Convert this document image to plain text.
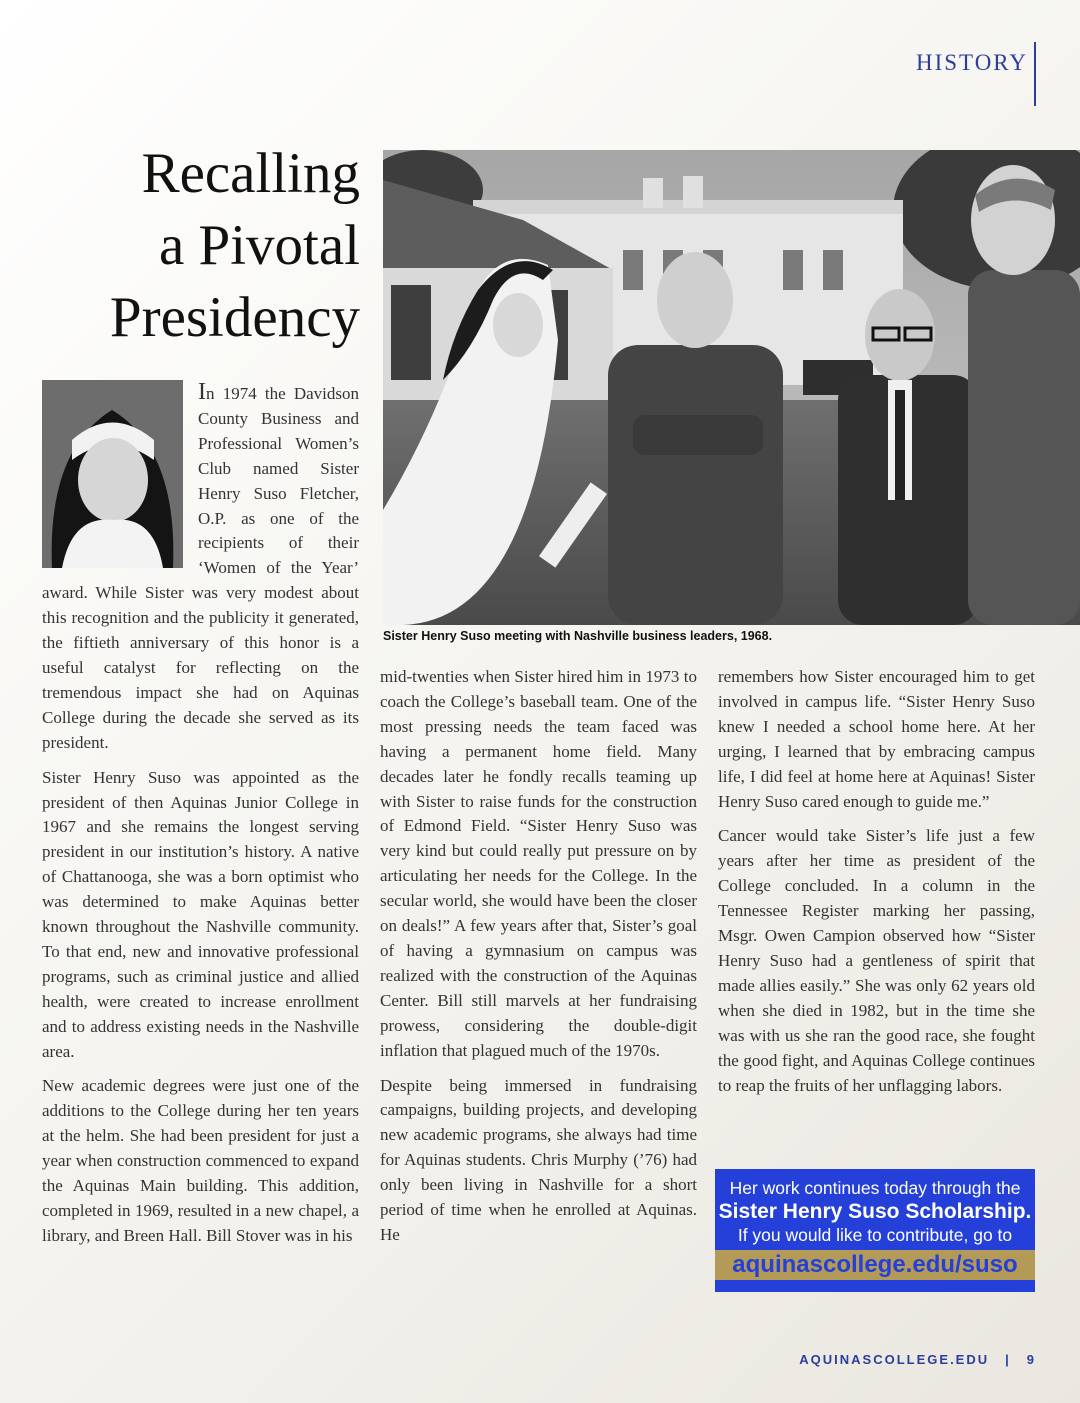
HISTORY
Recalling
a Pivotal
Presidency
Sister Henry Suso meeting with Nashville business leaders, 1968.

In 1974 the Davidson County Business and Professional Women’s Club named Sister Henry Suso Fletcher, O.P. as one of the recipients of their ‘Women of the Year’ award. While Sister was very modest about this recognition and the publicity it generated, the fiftieth anniversary of this honor is a useful catalyst for reflecting on the tremendous impact she had on Aquinas College during the decade she served as its president.

Sister Henry Suso was appointed as the president of then Aquinas Junior College in 1967 and she remains the longest serving president in our institution’s history. A native of Chattanooga, she was a born optimist who was determined to make Aquinas better known throughout the Nashville community. To that end, new and innovative professional programs, such as criminal justice and allied health, were created to increase enrollment and to address existing needs in the Nashville area.

New academic degrees were just one of the additions to the College during her ten years at the helm. She had been president for just a year when construction commenced to expand the Aquinas Main building. This addition, completed in 1969, resulted in a new chapel, a library, and Breen Hall. Bill Stover was in his

mid-twenties when Sister hired him in 1973 to coach the College’s baseball team. One of the most pressing needs the team faced was having a permanent home field. Many decades later he fondly recalls teaming up with Sister to raise funds for the construction of Edmond Field. “Sister Henry Suso was very kind but could really put pressure on by articulating her needs for the College. In the secular world, she would have been the closer on deals!” A few years after that, Sister’s goal of having a gymnasium on campus was realized with the construction of the Aquinas Center. Bill still marvels at her fundraising prowess, considering the double-digit inflation that plagued much of the 1970s.

Despite being immersed in fundraising campaigns, building projects, and developing new academic programs, she always had time for Aquinas students. Chris Murphy (’76) had only been living in Nashville for a short period of time when he enrolled at Aquinas. He

remembers how Sister encouraged him to get involved in campus life. “Sister Henry Suso knew I needed a school home here. At her urging, I learned that by embracing campus life, I did feel at home here at Aquinas! Sister Henry Suso cared enough to guide me.”

Cancer would take Sister’s life just a few years after her time as president of the College concluded. In a column in the Tennessee Register marking her passing, Msgr. Owen Campion observed how “Sister Henry Suso had a gentleness of spirit that made allies easily.” She was only 62 years old when she died in 1982, but in the time she was with us she ran the good race, she fought the good fight, and Aquinas College continues to reap the fruits of her unflagging labors.

Her work continues today through the
Sister Henry Suso Scholarship.
If you would like to contribute, go to
aquinascollege.edu/suso
AQUINASCOLLEGE.EDU | 9
